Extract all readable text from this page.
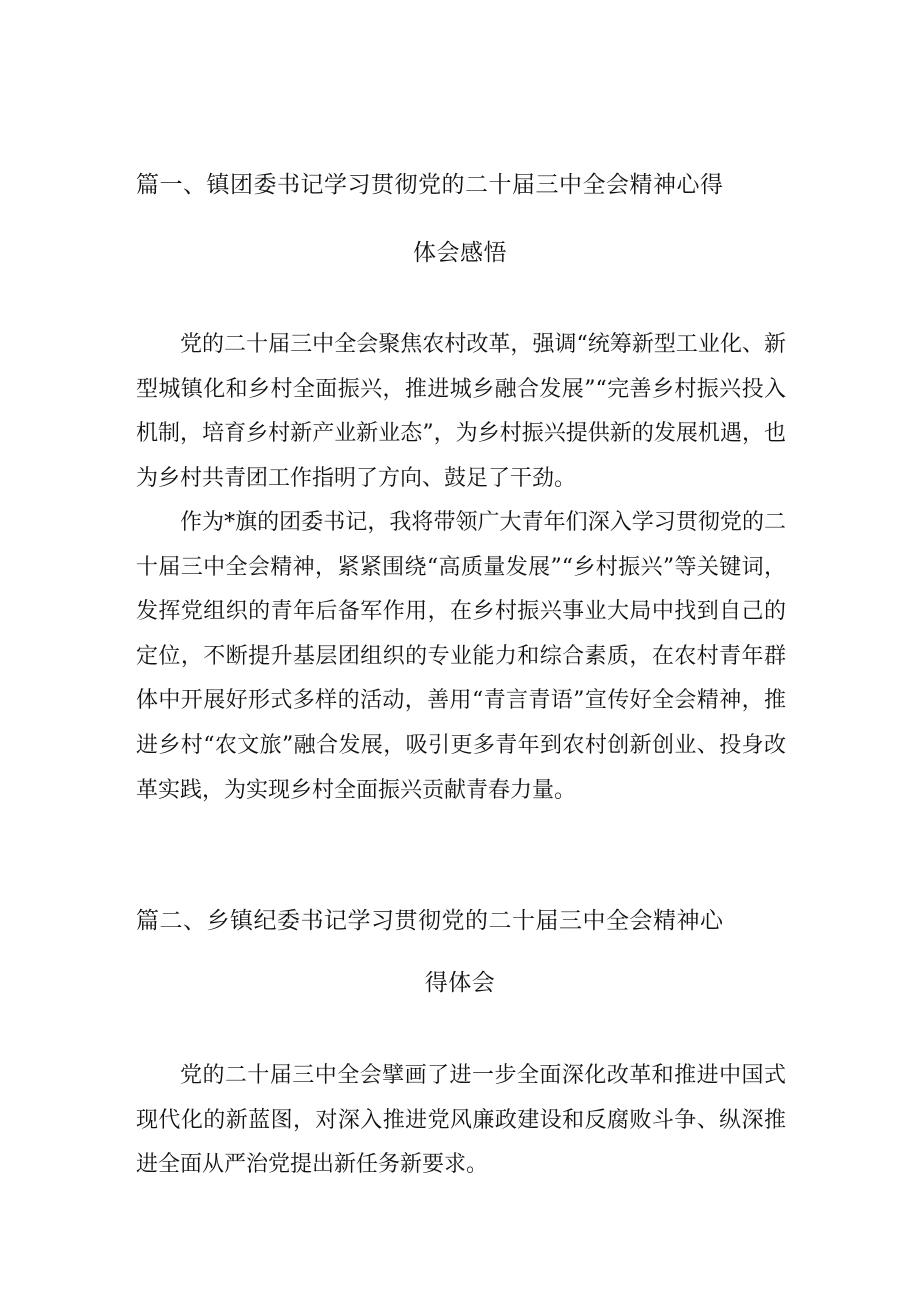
篇一、镇团委书记学习贯彻党的二十届三中全会精神心得
体会感悟

党的二十届三中全会聚焦农村改革，强调“统筹新型工业化、新型城镇化和乡村全面振兴，推进城乡融合发展”“完善乡村振兴投入机制，培育乡村新产业新业态”，为乡村振兴提供新的发展机遇，也为乡村共青团工作指明了方向、鼓足了干劲。

作为*旗的团委书记，我将带领广大青年们深入学习贯彻党的二十届三中全会精神，紧紧围绕“高质量发展”“乡村振兴”等关键词，发挥党组织的青年后备军作用，在乡村振兴事业大局中找到自己的定位，不断提升基层团组织的专业能力和综合素质，在农村青年群体中开展好形式多样的活动，善用“青言青语”宣传好全会精神，推进乡村“农文旅”融合发展，吸引更多青年到农村创新创业、投身改革实践，为实现乡村全面振兴贡献青春力量。

篇二、乡镇纪委书记学习贯彻党的二十届三中全会精神心
得体会

党的二十届三中全会擘画了进一步全面深化改革和推进中国式现代化的新蓝图，对深入推进党风廉政建设和反腐败斗争、纵深推进全面从严治党提出新任务新要求。
